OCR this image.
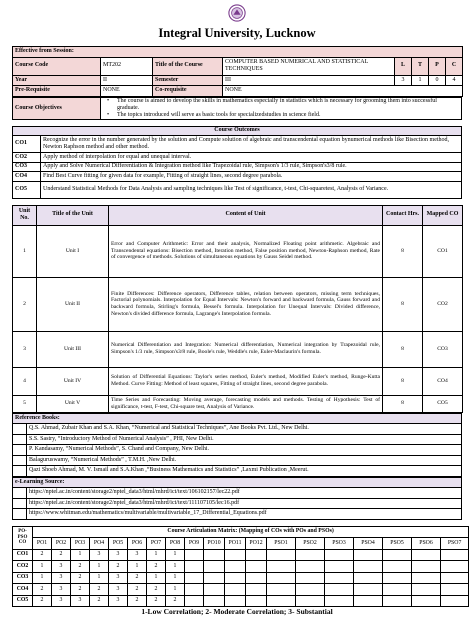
Integral University, Lucknow
Effective from Session:							
Course Code	MT202	Title of the Course	COMPUTER BASED NUMERICAL AND STATISTICAL TECHNIQUES	L	T	P	C
Year	II	Semester	III	3	1	0	4
Pre-Requisite	NONE	Co-requisite	NONE				
Course Objectives	
• The course is aimed to develop the skills in mathematics especially in statistics which is necessary for grooming them into successful graduate.
• The topics introduced will serve as basic tools for specializedstudies in science field.
Course Outcomes	
CO1	Recognize the error in the number generated by the solution and Compute solution of algebraic and transcendental equation bynumerical methods like Bisection method, Newton Raphson method and other method.
CO2	Apply method of interpolation for equal and unequal interval.
CO3	Apply and Solve Numerical Differentiation & Integration method like Trapezoidal rule, Simpson's 1/3 rule, Simpson's3/8 rule.
CO4	Find Best Curve fitting for given data for example, Fitting of straight lines, second degree parabola.
CO5	Understand Statistical Methods for Data Analysis and sampling techniques like Test of significance, t-test, Chi-squaretest, Analysis of Variance.
Unit No.	Title of the Unit	Content of Unit	Contact Hrs.	Mapped CO
1	Unit I	Error and Computer Arithmetic: Error and their analysis, Normalized Floating point arithmetic. Algebraic and Transcendental equations: Bisection method, Iteration method, False position method, Newton-Raphson method, Rate of convergence of methods. Solutions of simultaneous equations by Gauss Seidel method.	8	CO1
2	Unit II	Finite Differences: Difference operators, Difference tables, relation between operators, missing term techniques, Factorial polynomials. Interpolation for Equal Intervals: Newton's forward and backward formula, Gauss forward and backward formula, Stirling's formula, Bessel's formula. Interpolation for Unequal Intervals: Divided difference, Newton's divided difference formula, Lagrange's Interpolation formula.	8	CO2
3	Unit III	Numerical Differentiation and Integration: Numerical differentiation, Numerical integration by Trapezoidal rule, Simpson's 1/3 rule, Simpson's3/8 rule, Boole's rule, Weddle's rule, Euler-Maclaurin's formula.	8	CO3
4	Unit IV	Solution of Differential Equations: Taylor's series method, Euler's method, Modified Euler's method, Runge-Kutta Method. Curve Fitting: Method of least squares, Fitting of straight lines, second degree parabola.	8	CO4
5	Unit V	Time Series and Forecasting: Moving average, forecasting models and methods. Testing of Hypothesis: Test of significance, t-test, F-test, Chi-square test, Analysis of Variance.	8	CO5
Reference Books:	
	Q.S. Ahmad, Zubair Khan and S.A. Khan, “Numerical and Statistical Techniques”, Ane Books Pvt. Ltd., New Delhi.
	S.S. Sastry, “Introductory Method of Numerical Analysis” , PHI, New Delhi.
	P. Kandasamy, “Numerical Methods”, S. Chand and Company, New Delhi.
	Balaguruswamy, “Numerical Methods” , T.M.H. ,New Delhi.
	Qazi Shoeb Ahmad, M. V. Ismail and S.A.Khan ,“Business Mathematics and Statistics” ,Laxmi Publication ,Meerut.
e-Learning Source:	
	https://nptel.ac.in/content/storage2/nptel_data3/html/mhrd/ict/text/106102157/lec22.pdf
	https://nptel.ac.in/content/storage2/nptel_data3/html/mhrd/ict/text/111107105/lec16.pdf
	https://www.whitman.edu/mathematics/multivariable/multivariable_17_Differential_Equations.pdf
PO-
PSO
CO	Course Articulation Matrix: (Mapping of COs with POs and PSOs)																		
	PO1	PO2	PO3	PO4	PO5	PO6	PO7	PO8	PO9	PO10	PO11	PO12	PSO1	PSO2	PSO3	PSO4	PSO5	PSO6	PSO7
CO1	2	2	1	3	3	3	1	1											
CO2	1	3	2	1	2	1	2	1											
CO3	1	3	2	1	3	2	1	1											
CO4	2	3	2	2	3	2	2	1											
CO5	2	3	3	2	3	2	2	2											
1-Low Correlation; 2- Moderate Correlation; 3- Substantial
